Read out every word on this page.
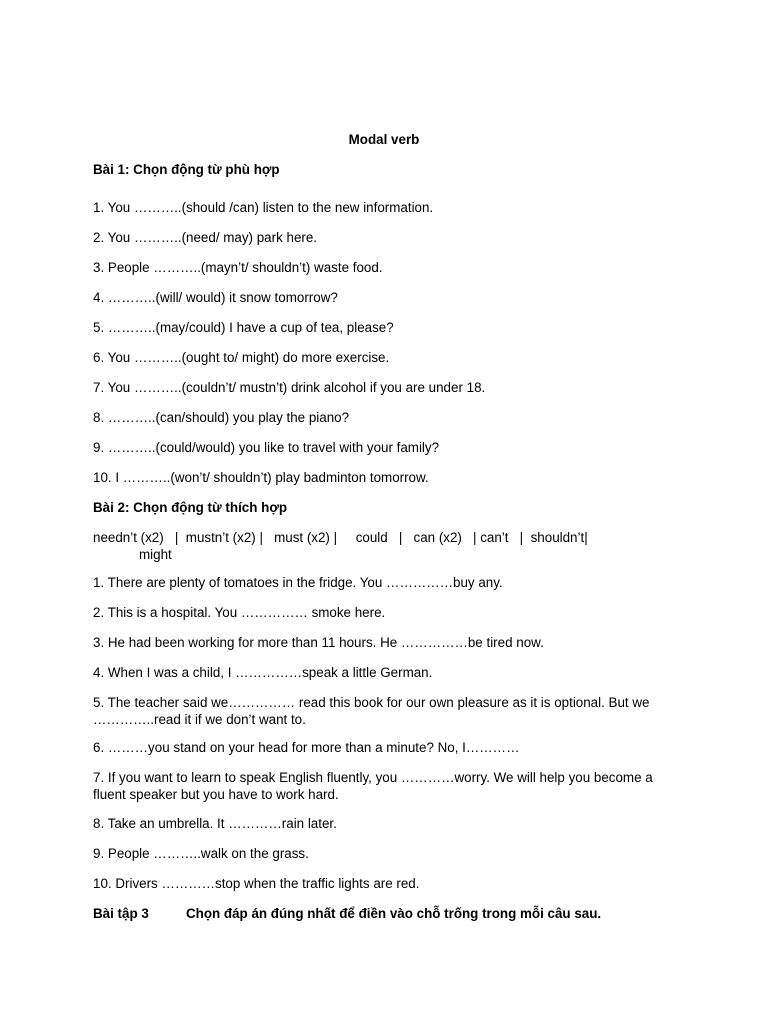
Modal verb

Bài 1: Chọn động từ phù hợp

1. You ………..(should /can) listen to the new information.

2. You ………..(need/ may) park here.

3. People ………..(mayn’t/ shouldn’t) waste food.

4. ………..(will/ would) it snow tomorrow?

5. ………..(may/could) I have a cup of tea, please?

6. You ………..(ought to/ might) do more exercise.

7. You ………..(couldn’t/ mustn’t) drink alcohol if you are under 18.

8. ………..(can/should) you play the piano?

9. ………..(could/would) you like to travel with your family?

10. I ………..(won’t/ shouldn’t) play badminton tomorrow.

Bài 2: Chọn động từ thích hợp

needn’t (x2)   |  mustn’t (x2) |   must (x2) |     could   |   can (x2)   | can’t   |  shouldn’t|
might

1. There are plenty of tomatoes in the fridge. You ……………buy any.

2. This is a hospital. You …………… smoke here.

3. He had been working for more than 11 hours. He ……………be tired now.

4. When I was a child, I ……………speak a little German.

5. The teacher said we…………… read this book for our own pleasure as it is optional. But we …………..read it if we don’t want to.

6. ………you stand on your head for more than a minute? No, I…………

7. If you want to learn to speak English fluently, you …………worry. We will help you become a fluent speaker but you have to work hard.

8. Take an umbrella. It …………rain later.

9. People ………..walk on the grass.

10. Drivers …………stop when the traffic lights are red.

Bài tập 3	Chọn đáp án đúng nhất để điền vào chỗ trống trong mỗi câu sau.
